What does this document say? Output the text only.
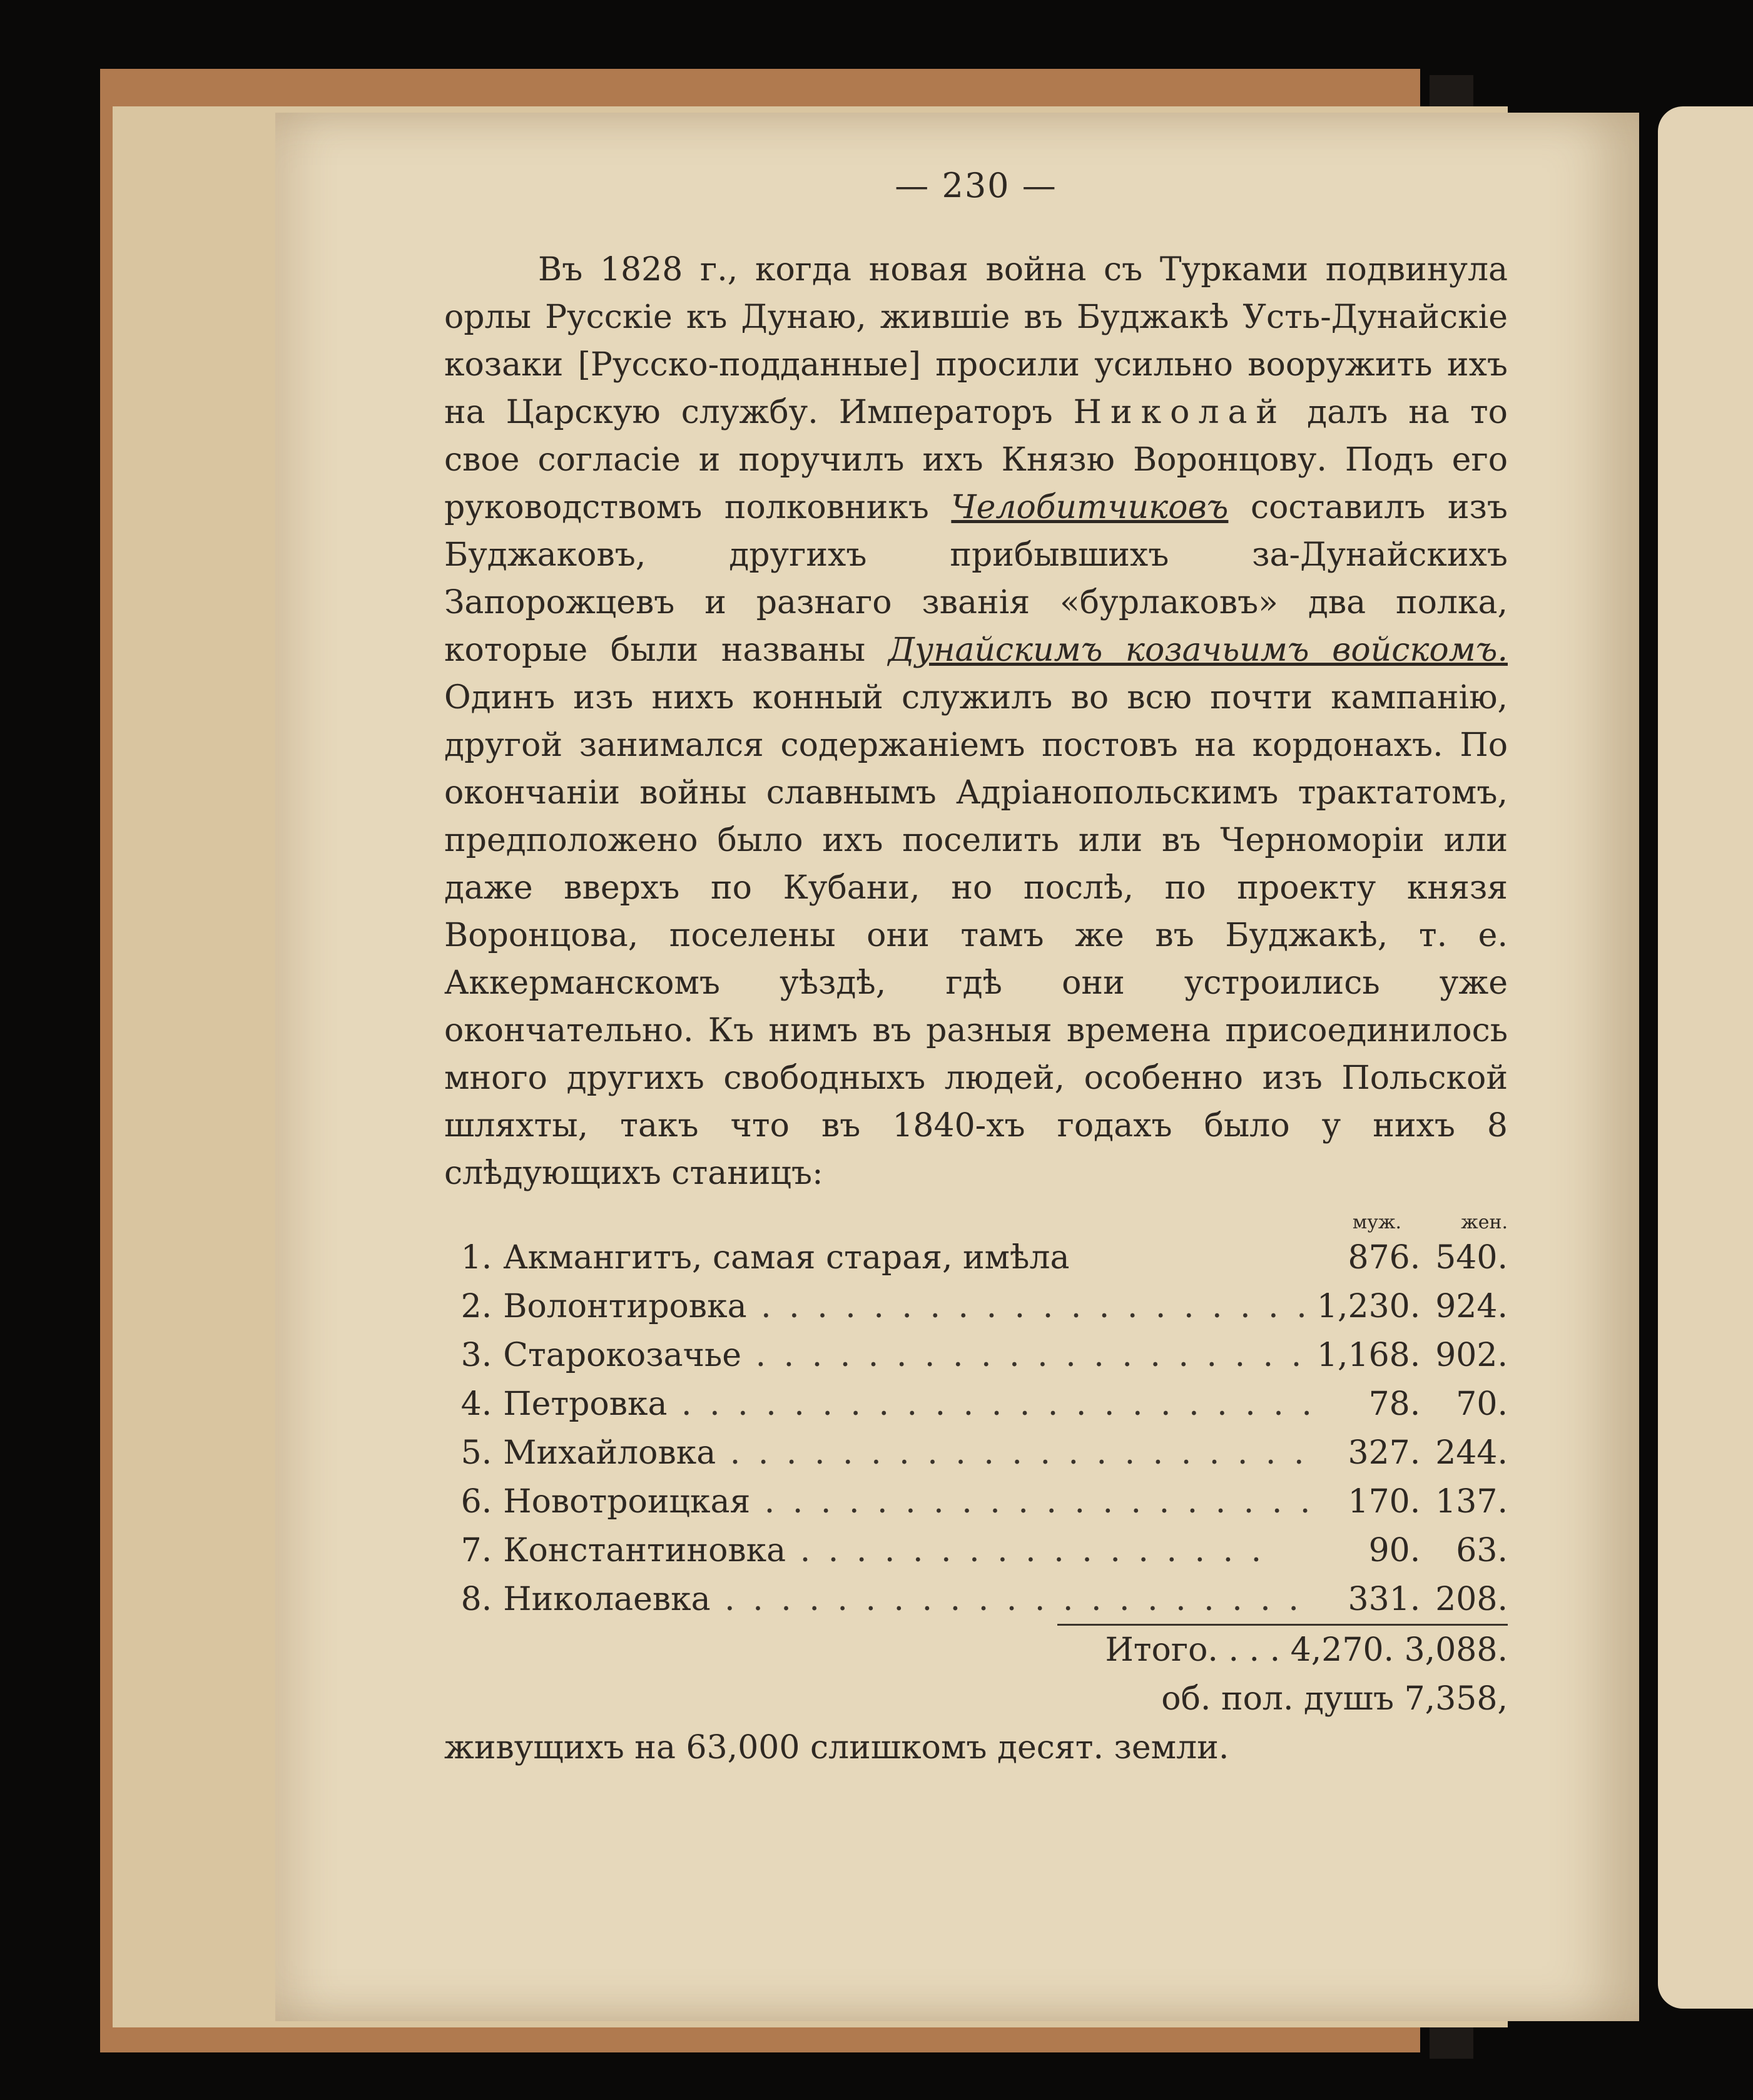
— 230 —

Въ 1828 г., когда новая война съ Турками подвинула орлы Русскіе къ Дунаю, жившіе въ Буджакѣ Усть-Дунайскіе козаки [Русско-подданные] просили усильно вооружить ихъ на Царскую службу. Императоръ Николай далъ на то свое согласіе и поручилъ ихъ Князю Воронцову. Подъ его руководствомъ полковникъ Челобитчиковъ составилъ изъ Буджаковъ, другихъ прибывшихъ за-Дунайскихъ Запорожцевъ и разнаго званія «бурлаковъ» два полка, которые были названы Дунайскимъ козачьимъ войскомъ. Одинъ изъ нихъ конный служилъ во всю почти кампанію, другой занимался содержаніемъ постовъ на кордонахъ. По окончаніи войны славнымъ Адріанопольскимъ трактатомъ, предположено было ихъ поселить или въ Черноморіи или даже вверхъ по Кубани, но послѣ, по проекту князя Воронцова, поселены они тамъ же въ Буджакѣ, т. е. Аккерманскомъ уѣздѣ, гдѣ они устроились уже окончательно. Къ нимъ въ разныя времена присоединилось много другихъ свободныхъ людей, особенно изъ Польской шляхты, такъ что въ 1840-хъ годахъ было у нихъ 8 слѣдующихъ станицъ:

муж.	жен.
1.	Акмангитъ, самая старая, имѣла	876.	540.
2.	Волонтировка . . . . . . . . . . . . . . . . . . . .	1,230.	924.
3.	Старокозачье . . . . . . . . . . . . . . . . . . . .	1,168.	902.
4.	Петровка . . . . . . . . . . . . . . . . . . . . . . .	78.	70.
5.	Михайловка . . . . . . . . . . . . . . . . . . . . .	327.	244.
6.	Новотроицкая . . . . . . . . . . . . . . . . . . . .	170.	137.
7.	Константиновка . . . . . . . . . . . . . . . . .	90.	63.
8.	Николаевка . . . . . . . . . . . . . . . . . . . . .	331.	208.
Итого. . . . 4,270. 3,088.
об. пол. душъ 7,358,
живущихъ на 63,000 слишкомъ десят. земли.
